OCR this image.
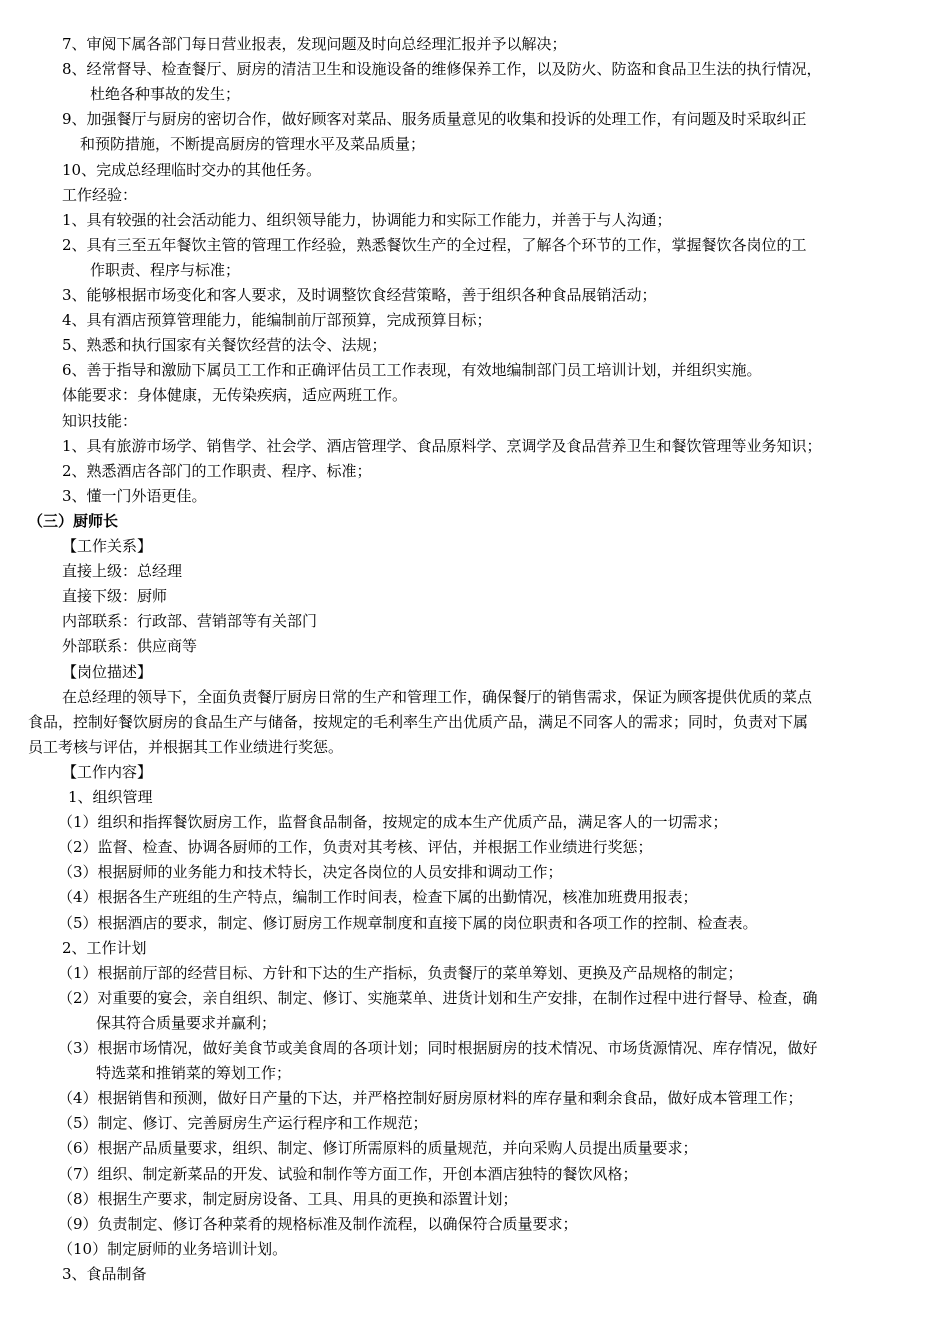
7、审阅下属各部门每日营业报表，发现问题及时向总经理汇报并予以解决；
8、经常督导、检查餐厅、厨房的清洁卫生和设施设备的维修保养工作，以及防火、防盗和食品卫生法的执行情况，
杜绝各种事故的发生；
9、加强餐厅与厨房的密切合作，做好顾客对菜品、服务质量意见的收集和投诉的处理工作，有问题及时采取纠正
和预防措施，不断提高厨房的管理水平及菜品质量；
10、完成总经理临时交办的其他任务。
工作经验：
1、具有较强的社会活动能力、组织领导能力，协调能力和实际工作能力，并善于与人沟通；
2、具有三至五年餐饮主管的管理工作经验，熟悉餐饮生产的全过程，了解各个环节的工作，掌握餐饮各岗位的工
作职责、程序与标准；
3、能够根据市场变化和客人要求，及时调整饮食经营策略，善于组织各种食品展销活动；
4、具有酒店预算管理能力，能编制前厅部预算，完成预算目标；
5、熟悉和执行国家有关餐饮经营的法令、法规；
6、善于指导和激励下属员工工作和正确评估员工工作表现，有效地编制部门员工培训计划，并组织实施。
体能要求：身体健康，无传染疾病，适应两班工作。
知识技能：
1、具有旅游市场学、销售学、社会学、酒店管理学、食品原料学、烹调学及食品营养卫生和餐饮管理等业务知识；
2、熟悉酒店各部门的工作职责、程序、标准；
3、懂一门外语更佳。
（三）厨师长
【工作关系】
直接上级：总经理
直接下级：厨师
内部联系：行政部、营销部等有关部门
外部联系：供应商等
【岗位描述】
在总经理的领导下，全面负责餐厅厨房日常的生产和管理工作，确保餐厅的销售需求，保证为顾客提供优质的菜点
食品，控制好餐饮厨房的食品生产与储备，按规定的毛利率生产出优质产品，满足不同客人的需求；同时，负责对下属
员工考核与评估，并根据其工作业绩进行奖惩。
【工作内容】
1、组织管理
（1）组织和指挥餐饮厨房工作，监督食品制备，按规定的成本生产优质产品，满足客人的一切需求；
（2）监督、检查、协调各厨师的工作，负责对其考核、评估，并根据工作业绩进行奖惩；
（3）根据厨师的业务能力和技术特长，决定各岗位的人员安排和调动工作；
（4）根据各生产班组的生产特点，编制工作时间表，检查下属的出勤情况，核准加班费用报表；
（5）根据酒店的要求，制定、修订厨房工作规章制度和直接下属的岗位职责和各项工作的控制、检查表。
2、工作计划
（1）根据前厅部的经营目标、方针和下达的生产指标，负责餐厅的菜单筹划、更换及产品规格的制定；
（2）对重要的宴会，亲自组织、制定、修订、实施菜单、进货计划和生产安排，在制作过程中进行督导、检查，确
保其符合质量要求并赢利；
（3）根据市场情况，做好美食节或美食周的各项计划；同时根据厨房的技术情况、市场货源情况、库存情况，做好
特选菜和推销菜的筹划工作；
（4）根据销售和预测，做好日产量的下达，并严格控制好厨房原材料的库存量和剩余食品，做好成本管理工作；
（5）制定、修订、完善厨房生产运行程序和工作规范；
（6）根据产品质量要求，组织、制定、修订所需原料的质量规范，并向采购人员提出质量要求；
（7）组织、制定新菜品的开发、试验和制作等方面工作，开创本酒店独特的餐饮风格；
（8）根据生产要求，制定厨房设备、工具、用具的更换和添置计划；
（9）负责制定、修订各种菜肴的规格标准及制作流程，以确保符合质量要求；
（10）制定厨师的业务培训计划。
3、食品制备
